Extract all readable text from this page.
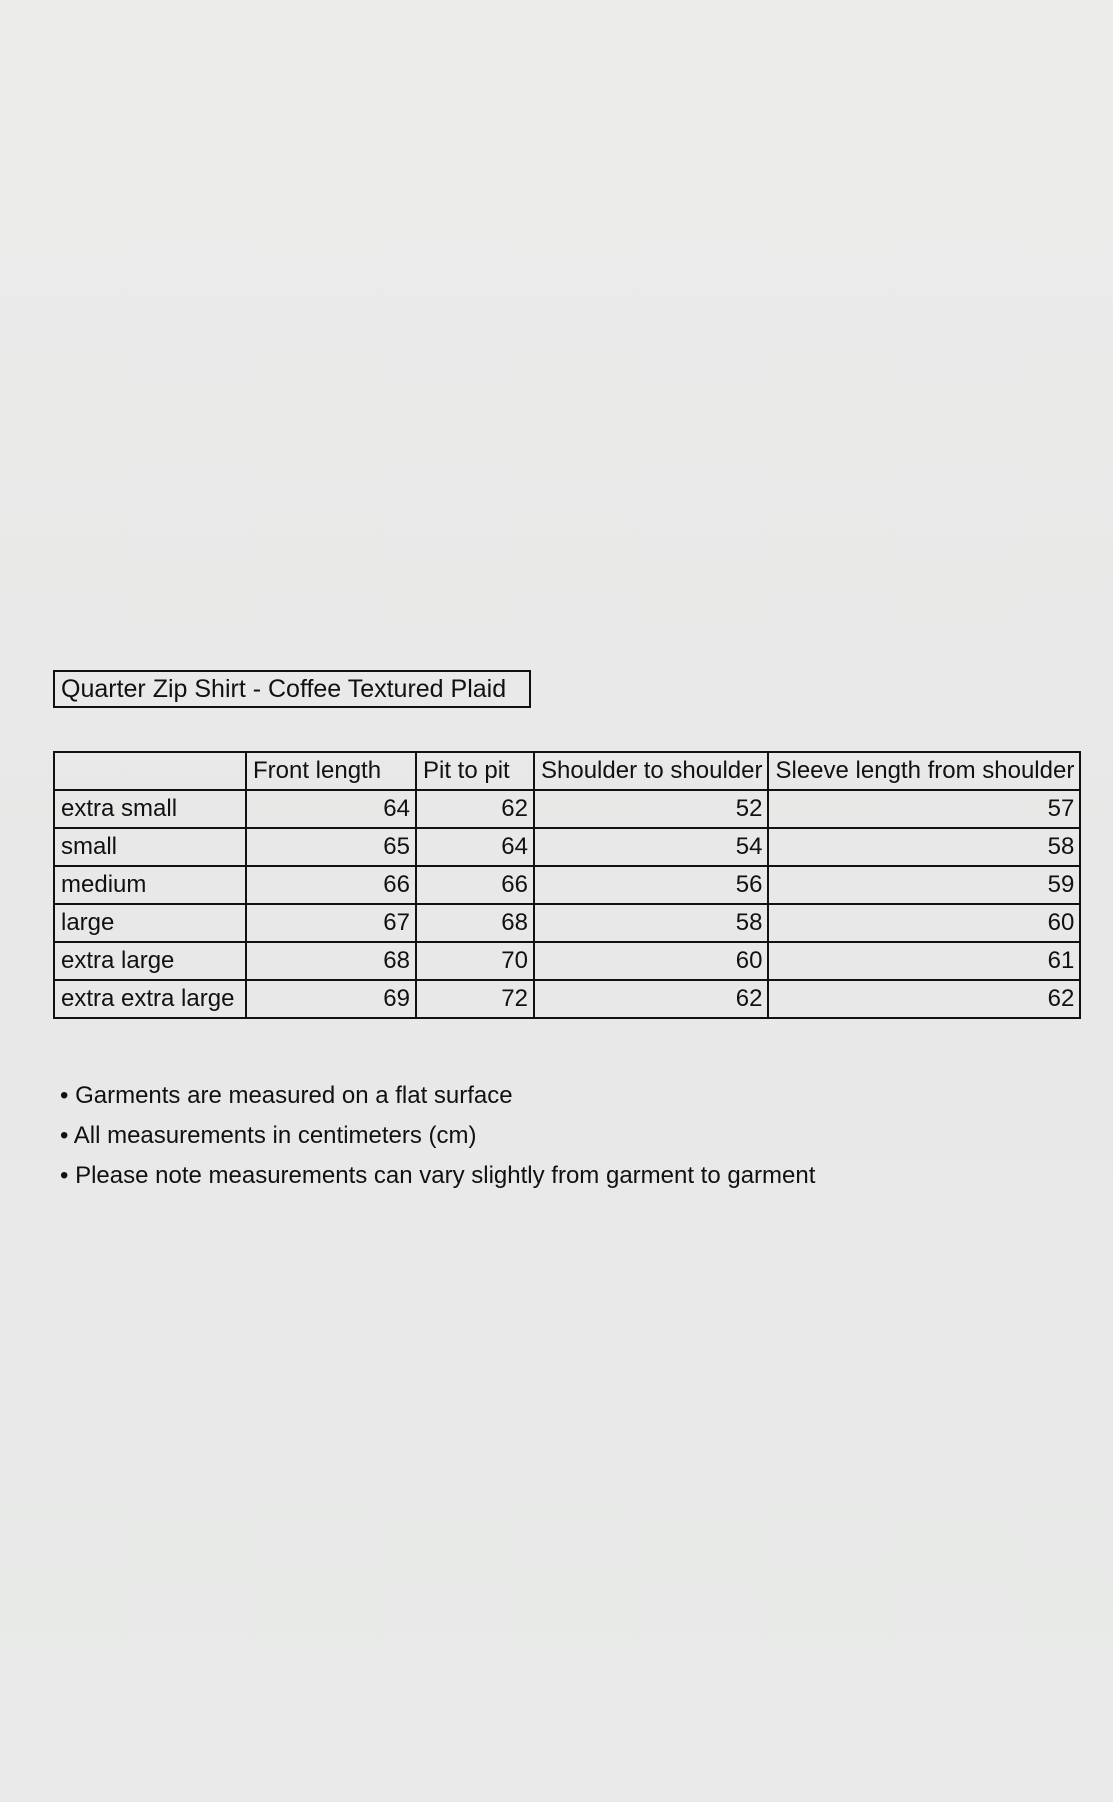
Quarter Zip Shirt - Coffee Textured Plaid
	Front length	Pit to pit	Shoulder to shoulder	Sleeve length from shoulder
extra small	64	62	52	57
small	65	64	54	58
medium	66	66	56	59
large	67	68	58	60
extra large	68	70	60	61
extra extra large	69	72	62	62
• Garments are measured on a flat surface
• All measurements in centimeters (cm)
• Please note measurements can vary slightly from garment to garment
